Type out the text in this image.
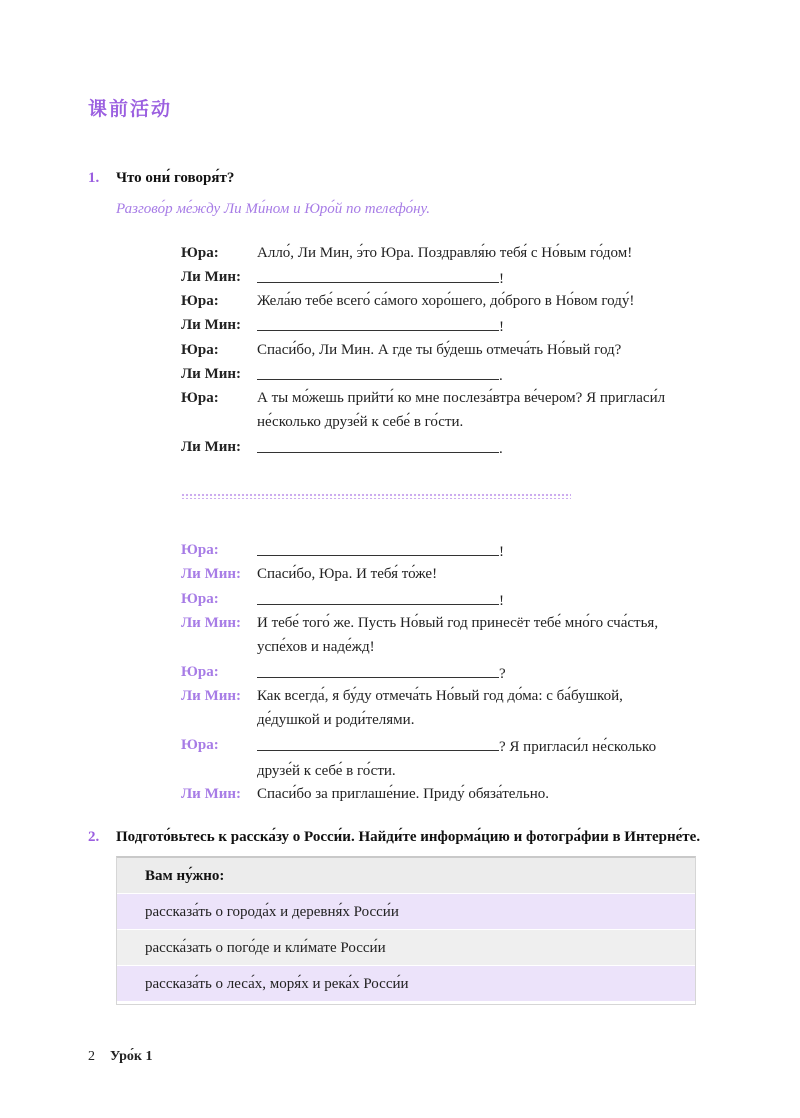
课前活动
1. Что они́ говоря́т?
Разгово́р ме́жду Ли Ми́ном и Юро́й по телефо́ну.
Юра:	Алло́, Ли Мин, э́то Юра. Поздравля́ю тебя́ с Но́вым го́дом!
Ли Мин:	!
Юра:	Жела́ю тебе́ всего́ са́мого хоро́шего, до́брого в Но́вом году́!
Ли Мин:	!
Юра:	Спаси́бо, Ли Мин. А где ты бу́дешь отмеча́ть Но́вый год?
Ли Мин:	.
Юра:	А ты мо́жешь прийти́ ко мне послеза́втра ве́чером? Я пригласи́л
не́сколько друзе́й к себе́ в го́сти.
Ли Мин:	.
Юра:	!
Ли Мин: Спаси́бо, Юра. И тебя́ то́же!
Юра:	!
Ли Мин: И тебе́ того́ же. Пусть Но́вый год принесёт тебе́ мно́го сча́стья,
успе́хов и наде́жд!
Юра:	?
Ли Мин: Как всегда́, я бу́ду отмеча́ть Но́вый год до́ма: с ба́бушкой,
де́душкой и роди́телями.
Юра:	? Я пригласи́л не́сколько
друзе́й к себе́ в го́сти.
Ли Мин: Спаси́бо за приглаше́ние. Приду́ обяза́тельно.
2. Подгото́вьтесь к расска́зу о Росси́и. Найди́те информа́цию и фотогра́фии в Интерне́те.
Вам ну́жно:
рассказа́ть о города́х и деревня́х Росси́и
расска́зать о пого́де и кли́мате Росси́и
рассказа́ть о леса́х, моря́х и река́х Росси́и
2 Уро́к 1
